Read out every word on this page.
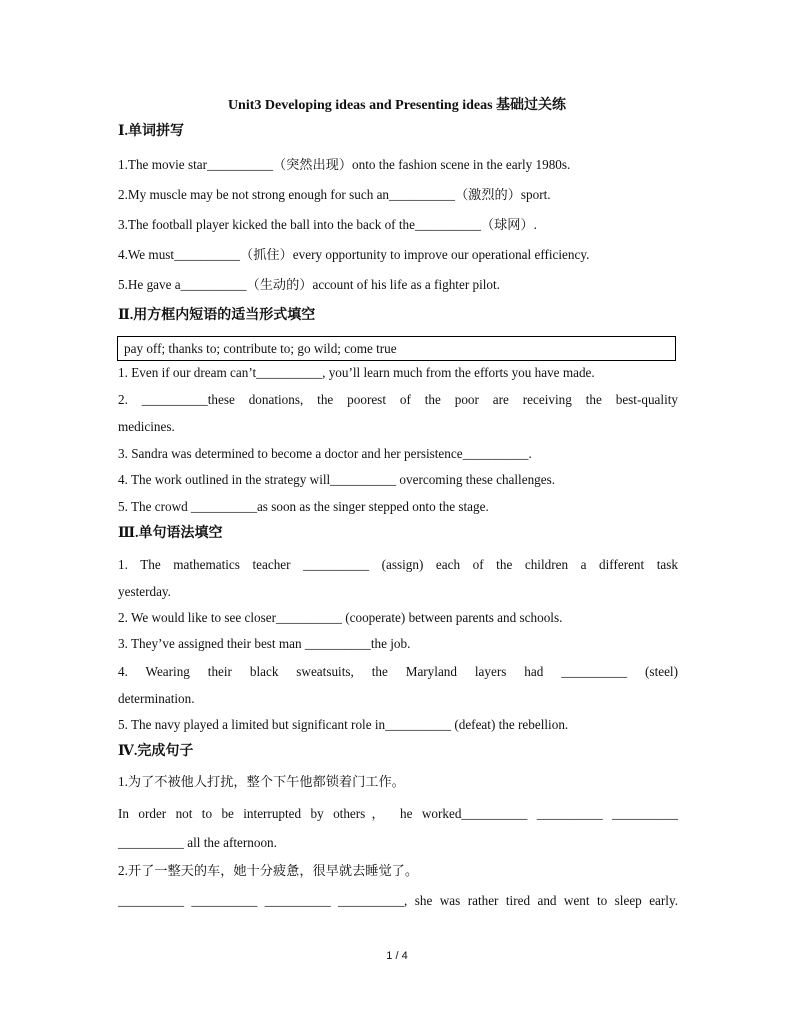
Unit3 Developing ideas and Presenting ideas 基础过关练
Ⅰ.单词拼写
1.The movie star__________（突然出现）onto the fashion scene in the early 1980s.
2.My muscle may be not strong enough for such an__________（激烈的）sport.
3.The football player kicked the ball into the back of the__________（球网）.
4.We must__________（抓住）every opportunity to improve our operational efficiency.
5.He gave a__________（生动的）account of his life as a fighter pilot.
Ⅱ.用方框内短语的适当形式填空
pay off; thanks to; contribute to; go wild; come true
1. Even if our dream can’t__________, you’ll learn much from the efforts you have made.
2. __________these donations, the poorest of the poor are receiving the best-quality
medicines.
3. Sandra was determined to become a doctor and her persistence__________.
4. The work outlined in the strategy will__________ overcoming these challenges.
5. The crowd __________as soon as the singer stepped onto the stage.
Ⅲ.单句语法填空
1. The mathematics teacher __________ (assign) each of the children a different task
yesterday.
2. We would like to see closer__________ (cooperate) between parents and schools.
3. They’ve assigned their best man __________the job.
4. Wearing their black sweatsuits, the Maryland layers had __________ (steel)
determination.
5. The navy played a limited but significant role in__________ (defeat) the rebellion.
Ⅳ.完成句子
1.为了不被他人打扰，整个下午他都锁着门工作。
In order not to be interrupted by others， he worked__________ __________ __________
__________ all the afternoon.
2.开了一整天的车，她十分疲惫，很早就去睡觉了。
__________ __________ __________ __________, she was rather tired and went to sleep early.
1 / 4
